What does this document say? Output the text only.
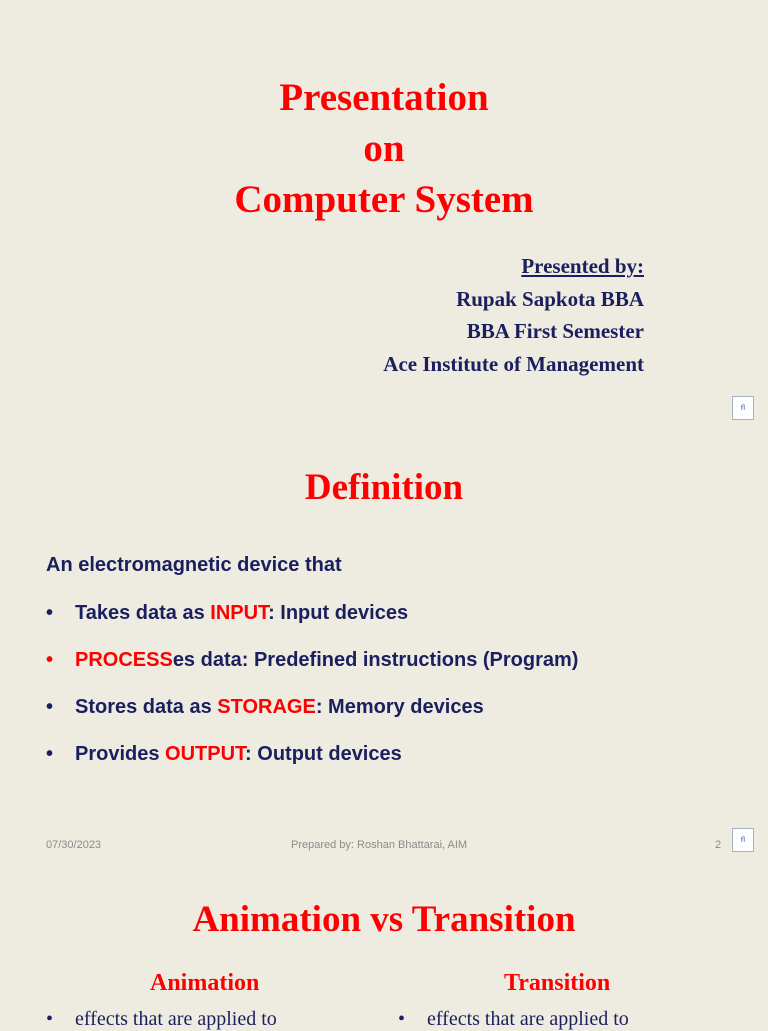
Presentation
on
Computer System
Presented by:
Rupak Sapkota BBA
BBA First Semester
Ace Institute of Management
fl
Definition
An electromagnetic device that
• Takes data as INPUT: Input devices
• PROCESSes data: Predefined instructions (Program)
• Stores data as STORAGE: Memory devices
• Provides OUTPUT: Output devices
07/30/2023	Prepared by: Roshan Bhattarai, AIM	2	fl
Animation vs Transition
Animation	Transition
• effects that are applied to	• effects that are applied to
